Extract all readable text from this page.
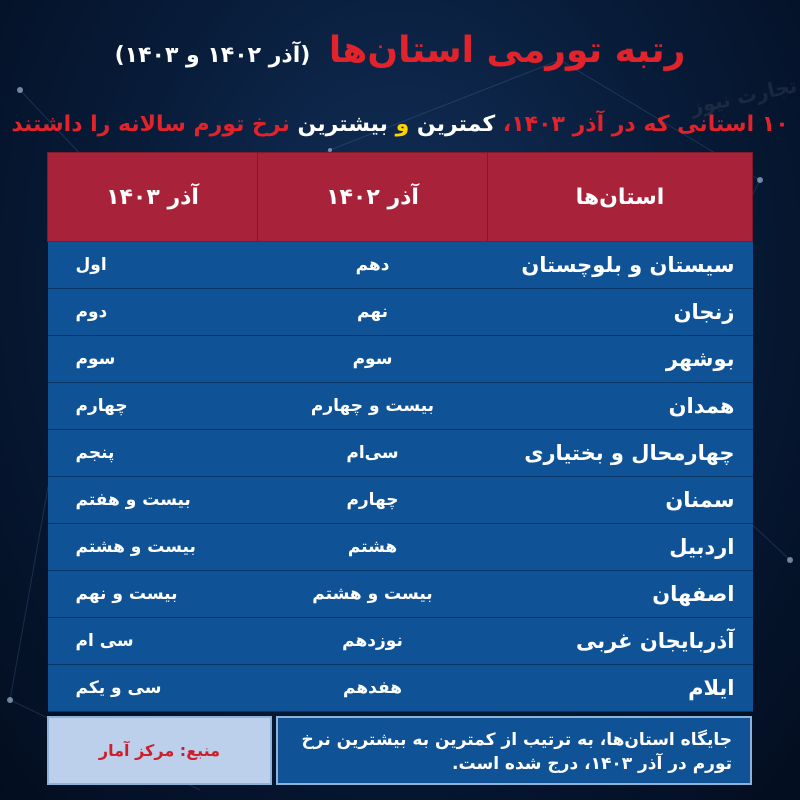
تجارت نیوز
رتبه تورمی استان‌ها (آذر ۱۴۰۲ و ۱۴۰۳)
۱۰ استانی که در آذر ۱۴۰۳، کمترین و بیشترین نرخ تورم سالانه را داشتند
استان‌ها	آذر ۱۴۰۲	آذر ۱۴۰۳
سیستان و بلوچستان	دهم	اول
زنجان	نهم	دوم
بوشهر	سوم	سوم
همدان	بیست و چهارم	چهارم
چهارمحال و بختیاری	سی‌ام	پنجم
سمنان	چهارم	بیست و هفتم
اردبیل	هشتم	بیست و هشتم
اصفهان	بیست و هشتم	بیست و نهم
آذربایجان غربی	نوزدهم	سی ام
ایلام	هفدهم	سی و یکم
جایگاه استان‌ها، به ترتیب از کمترین به بیشترین نرخ تورم در آذر ۱۴۰۳، درج شده است.
منبع: مرکز آمار
